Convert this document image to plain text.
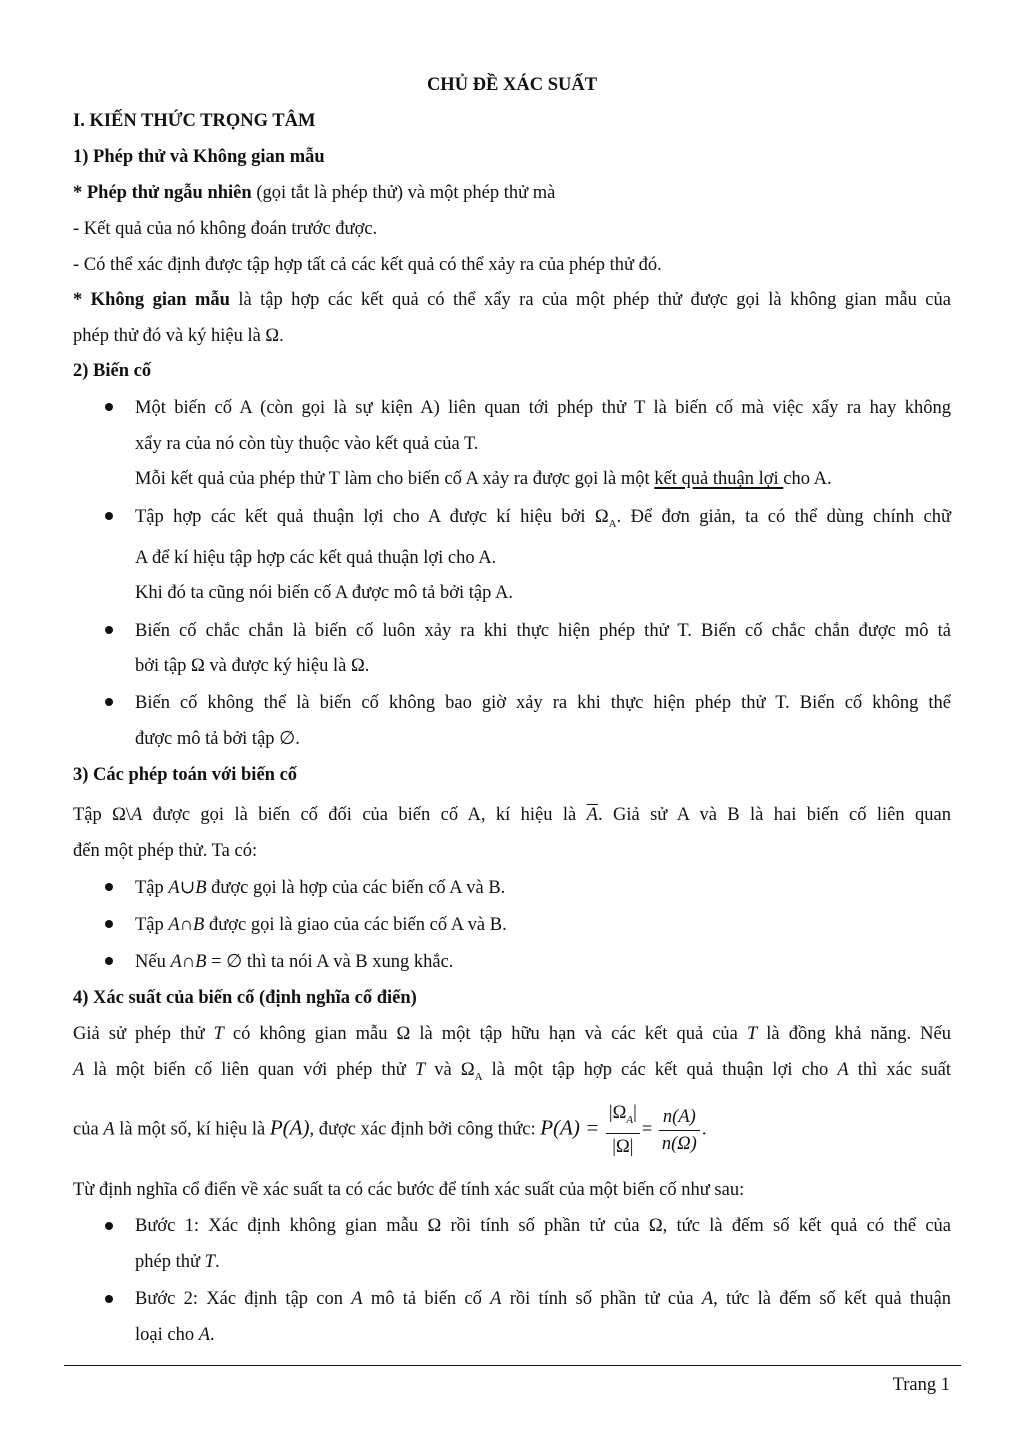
CHỦ ĐỀ XÁC SUẤT
I. KIẾN THỨC TRỌNG TÂM
1) Phép thử và Không gian mẫu
* Phép thử ngẫu nhiên (gọi tắt là phép thử) và một phép thử mà
- Kết quả của nó không đoán trước được.
- Có thể xác định được tập hợp tất cả các kết quả có thể xảy ra của phép thử đó.
* Không gian mẫu là tập hợp các kết quả có thể xẩy ra của một phép thử được gọi là không gian mẫu của
phép thử đó và ký hiệu là Ω.
2) Biến cố
Một biến cố A (còn gọi là sự kiện A) liên quan tới phép thử T là biến cố mà việc xẩy ra hay không
xẩy ra của nó còn tùy thuộc vào kết quả của T.
Mỗi kết quả của phép thử T làm cho biến cố A xảy ra được gọi là một kết quả thuận lợi cho A.
Tập hợp các kết quả thuận lợi cho A được kí hiệu bởi $\Omega_A$. Để đơn giản, ta có thể dùng chính chữ
A để kí hiệu tập hợp các kết quả thuận lợi cho A.
Khi đó ta cũng nói biến cố A được mô tả bởi tập A.
Biến cố chắc chắn là biến cố luôn xảy ra khi thực hiện phép thử T. Biến cố chắc chắn được mô tả
bởi tập Ω và được ký hiệu là Ω.
Biến cố không thể là biến cố không bao giờ xảy ra khi thực hiện phép thử T. Biến cố không thể
được mô tả bởi tập ∅.
3) Các phép toán với biến cố
Tập Ω\A được gọi là biến cố đối của biến cố A, kí hiệu là $\overline{A}$. Giả sử A và B là hai biến cố liên quan
đến một phép thử. Ta có:
Tập A∪B được gọi là hợp của các biến cố A và B.
Tập A∩B được gọi là giao của các biến cố A và B.
Nếu A∩B = ∅ thì ta nói A và B xung khắc.
4) Xác suất của biến cố (định nghĩa cổ điển)
Giả sử phép thử T có không gian mẫu Ω là một tập hữu hạn và các kết quả của T là đồng khả năng. Nếu
A là một biến cố liên quan với phép thử T và $\Omega_A$ là một tập hợp các kết quả thuận lợi cho A thì xác suất
của A là một số, kí hiệu là P(A), được xác định bởi công thức: $P(A) = \frac{|\Omega_A|}{|\Omega|} = \frac{n(A)}{n(\Omega)}$ .
Từ định nghĩa cổ điển về xác suất ta có các bước để tính xác suất của một biến cố như sau:
Bước 1: Xác định không gian mẫu Ω rồi tính số phần tử của Ω, tức là đếm số kết quả có thể của
phép thử T.
Bước 2: Xác định tập con A mô tả biến cố A rồi tính số phần tử của A, tức là đếm số kết quả thuận
loại cho A.
Trang 1
